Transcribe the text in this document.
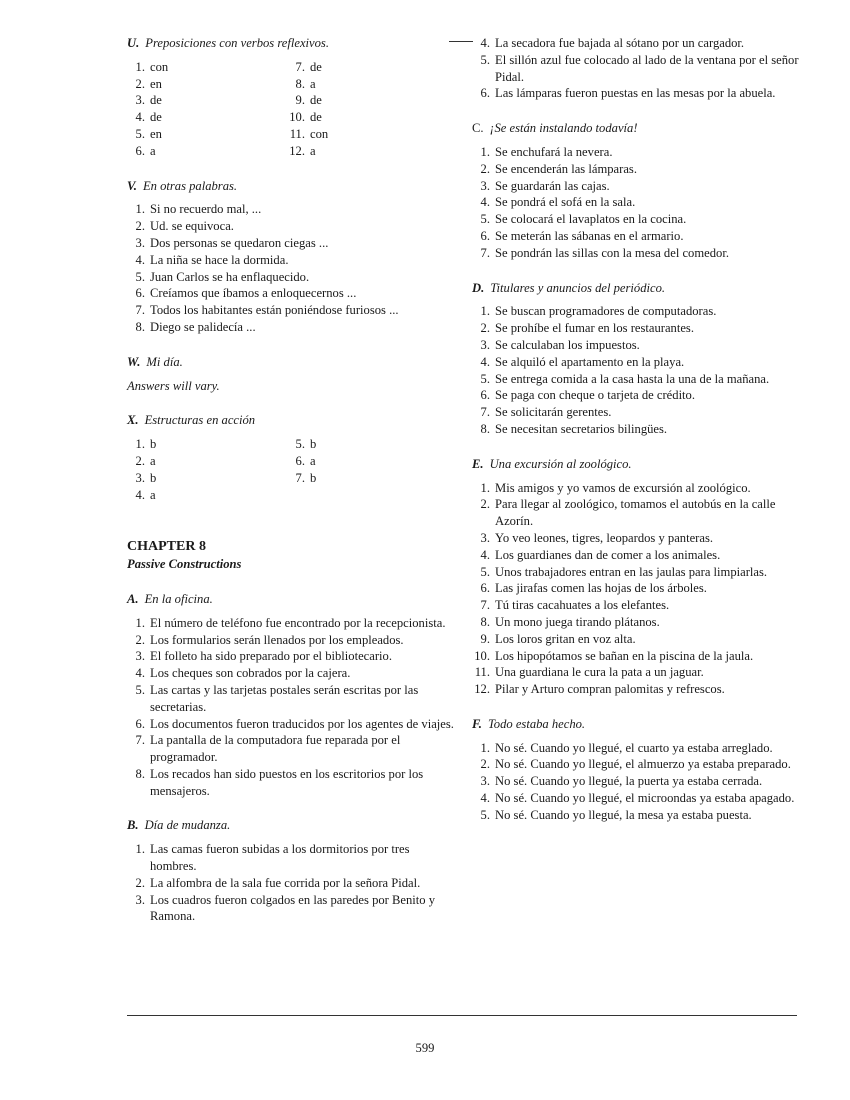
U. Preposiciones con verbos reflexivos.

1. con
2. en
3. de
4. de
5. en
6. a
7. de
8. a
9. de
10. de
11. con
12. a

V. En otras palabras.

1. Si no recuerdo mal, ...
2. Ud. se equivoca.
3. Dos personas se quedaron ciegas ...
4. La niña se hace la dormida.
5. Juan Carlos se ha enflaquecido.
6. Creíamos que íbamos a enloquecernos ...
7. Todos los habitantes están poniéndose furiosos ...
8. Diego se palidecía ...

W. Mi día.

Answers will vary.

X. Estructuras en acción

1. b
2. a
3. b
4. a
5. b
6. a
7. b

CHAPTER 8

Passive Constructions

A. En la oficina.

1. El número de teléfono fue encontrado por la recepcionista.
2. Los formularios serán llenados por los empleados.
3. El folleto ha sido preparado por el bibliotecario.
4. Los cheques son cobrados por la cajera.
5. Las cartas y las tarjetas postales serán escritas por las secretarias.
6. Los documentos fueron traducidos por los agentes de viajes.
7. La pantalla de la computadora fue reparada por el programador.
8. Los recados han sido puestos en los escritorios por los mensajeros.

B. Día de mudanza.

1. Las camas fueron subidas a los dormitorios por tres hombres.
2. La alfombra de la sala fue corrida por la señora Pidal.
3. Los cuadros fueron colgados en las paredes por Benito y Ramona.
4. La secadora fue bajada al sótano por un cargador.
5. El sillón azul fue colocado al lado de la ventana por el señor Pidal.
6. Las lámparas fueron puestas en las mesas por la abuela.

C. ¡Se están instalando todavía!

1. Se enchufará la nevera.
2. Se encenderán las lámparas.
3. Se guardarán las cajas.
4. Se pondrá el sofá en la sala.
5. Se colocará el lavaplatos en la cocina.
6. Se meterán las sábanas en el armario.
7. Se pondrán las sillas con la mesa del comedor.

D. Titulares y anuncios del periódico.

1. Se buscan programadores de computadoras.
2. Se prohíbe el fumar en los restaurantes.
3. Se calculaban los impuestos.
4. Se alquiló el apartamento en la playa.
5. Se entrega comida a la casa hasta la una de la mañana.
6. Se paga con cheque o tarjeta de crédito.
7. Se solicitarán gerentes.
8. Se necesitan secretarios bilingües.

E. Una excursión al zoológico.

1. Mis amigos y yo vamos de excursión al zoológico.
2. Para llegar al zoológico, tomamos el autobús en la calle Azorín.
3. Yo veo leones, tigres, leopardos y panteras.
4. Los guardianes dan de comer a los animales.
5. Unos trabajadores entran en las jaulas para limpiarlas.
6. Las jirafas comen las hojas de los árboles.
7. Tú tiras cacahuates a los elefantes.
8. Un mono juega tirando plátanos.
9. Los loros gritan en voz alta.
10. Los hipopótamos se bañan en la piscina de la jaula.
11. Una guardiana le cura la pata a un jaguar.
12. Pilar y Arturo compran palomitas y refrescos.

F. Todo estaba hecho.

1. No sé. Cuando yo llegué, el cuarto ya estaba arreglado.
2. No sé. Cuando yo llegué, el almuerzo ya estaba preparado.
3. No sé. Cuando yo llegué, la puerta ya estaba cerrada.
4. No sé. Cuando yo llegué, el microondas ya estaba apagado.
5. No sé. Cuando yo llegué, la mesa ya estaba puesta.
599
